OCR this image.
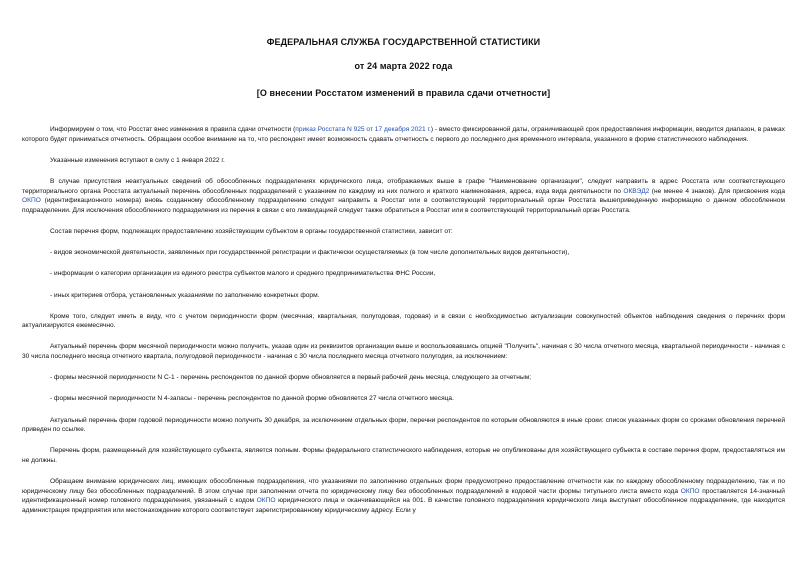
ФЕДЕРАЛЬНАЯ СЛУЖБА ГОСУДАРСТВЕННОЙ СТАТИСТИКИ
от 24 марта 2022 года
[О внесении Росстатом изменений в правила сдачи отчетности]

Информируем о том, что Росстат внес изменения в правила сдачи отчетности (приказ Росстата N 925 от 17 декабря 2021 г.) - вместо фиксированной даты, ограничивающей срок предоставления информации, вводится диапазон, в рамках которого будет приниматься отчетность. Обращаем особое внимание на то, что респондент имеет возможность сдавать отчетность с первого до последнего дня временного интервала, указанного в форме статистического наблюдения.

Указанные изменения вступают в силу с 1 января 2022 г.

В случае присутствия неактуальных сведений об обособленных подразделениях юридического лица, отображаемых выше в графе "Наименование организации", следует направить в адрес Росстата или соответствующего территориального органа Росстата актуальный перечень обособленных подразделений с указанием по каждому из них полного и краткого наименования, адреса, кода вида деятельности по ОКВЭД2 (не менее 4 знаков). Для присвоения кода ОКПО (идентификационного номера) вновь созданному обособленному подразделению следует направить в Росстат или в соответствующий территориальный орган Росстата вышеприведенную информацию о данном обособленном подразделении. Для исключения обособленного подразделения из перечня в связи с его ликвидацией следует также обратиться в Росстат или в соответствующий территориальный орган Росстата.

Состав перечня форм, подлежащих предоставлению хозяйствующим субъектом в органы государственной статистики, зависит от:

- видов экономической деятельности, заявленных при государственной регистрации и фактически осуществляемых (в том числе дополнительных видов деятельности),

- информации о категории организации из единого реестра субъектов малого и среднего предпринимательства ФНС России,

- иных критериев отбора, установленных указаниями по заполнению конкретных форм.

Кроме того, следует иметь в виду, что с учетом периодичности форм (месячная, квартальная, полугодовая, годовая) и в связи с необходимостью актуализации совокупностей объектов наблюдения сведения о перечнях форм актуализируются ежемесячно.

Актуальный перечень форм месячной периодичности можно получить, указав один из реквизитов организации выше и воспользовавшись опцией "Получить", начиная с 30 числа отчетного месяца, квартальной периодичности - начиная с 30 числа последнего месяца отчетного квартала, полугодовой периодичности - начиная с 30 числа последнего месяца отчетного полугодия, за исключением:

- формы месячной периодичности N С-1 - перечень респондентов по данной форме обновляется в первый рабочий день месяца, следующего за отчетным;

- формы месячной периодичности N 4-запасы - перечень респондентов по данной форме обновляется 27 числа отчетного месяца.

Актуальный перечень форм годовой периодичности можно получить 30 декабря, за исключением отдельных форм, перечни респондентов по которым обновляются в иные сроки: список указанных форм со сроками обновления перечней приведен по ссылке.

Перечень форм, размещенный для хозяйствующего субъекта, является полным. Формы федерального статистического наблюдения, которые не опубликованы для хозяйствующего субъекта в составе перечня форм, предоставляться им не должны.

Обращаем внимание юридических лиц, имеющих обособленные подразделения, что указаниями по заполнению отдельных форм предусмотрено предоставление отчетности как по каждому обособленному подразделению, так и по юридическому лицу без обособленных подразделений. В этом случае при заполнении отчета по юридическому лицу без обособленных подразделений в кодовой части формы титульного листа вместо кода ОКПО проставляется 14-значный идентификационный номер головного подразделения, увязанный с кодом ОКПО юридического лица и оканчивающийся на 001. В качестве головного подразделения юридического лица выступает обособленное подразделение, где находится администрация предприятия или местонахождение которого соответствует зарегистрированному юридическому адресу. Если у
